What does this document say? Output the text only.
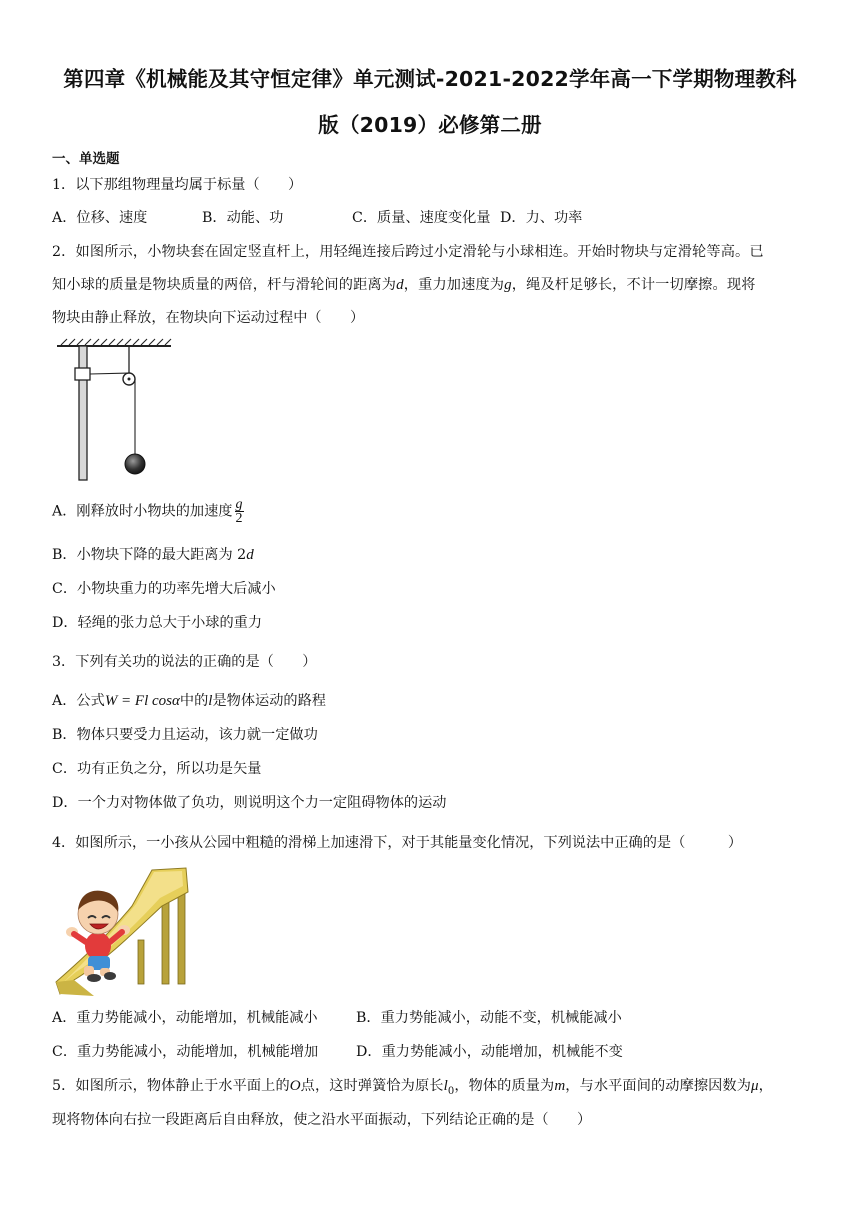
第四章《机械能及其守恒定律》单元测试-2021-2022学年高一下学期物理教科
版（2019）必修第二册
一、单选题
1．以下那组物理量均属于标量（　　）
A．位移、速度	B．动能、功	C．质量、速度变化量 D．力、功率
2．如图所示，小物块套在固定竖直杆上，用轻绳连接后跨过小定滑轮与小球相连。开始时物块与定滑轮等高。已
知小球的质量是物块质量的两倍，杆与滑轮间的距离为d，重力加速度为g，绳及杆足够长，不计一切摩擦。现将
物块由静止释放，在物块向下运动过程中（　　）
A．刚释放时小物块的加速度 $\frac{g}{2}$
B．小物块下降的最大距离为 2d
C．小物块重力的功率先增大后减小
D．轻绳的张力总大于小球的重力
3．下列有关功的说法的正确的是（　　）
A．公式W = Fl cosα中的l是物体运动的路程
B．物体只要受力且运动，该力就一定做功
C．功有正负之分，所以功是矢量
D．一个力对物体做了负功，则说明这个力一定阻碍物体的运动
4．如图所示，一小孩从公园中粗糙的滑梯上加速滑下，对于其能量变化情况，下列说法中正确的是（　　　）
A．重力势能减小，动能增加，机械能减小	B．重力势能减小，动能不变，机械能减小
C．重力势能减小，动能增加，机械能增加	D．重力势能减小，动能增加，机械能不变
5．如图所示，物体静止于水平面上的O点，这时弹簧恰为原长$l_0$，物体的质量为m，与水平面间的动摩擦因数为μ，
现将物体向右拉一段距离后自由释放，使之沿水平面振动，下列结论正确的是（　　）
